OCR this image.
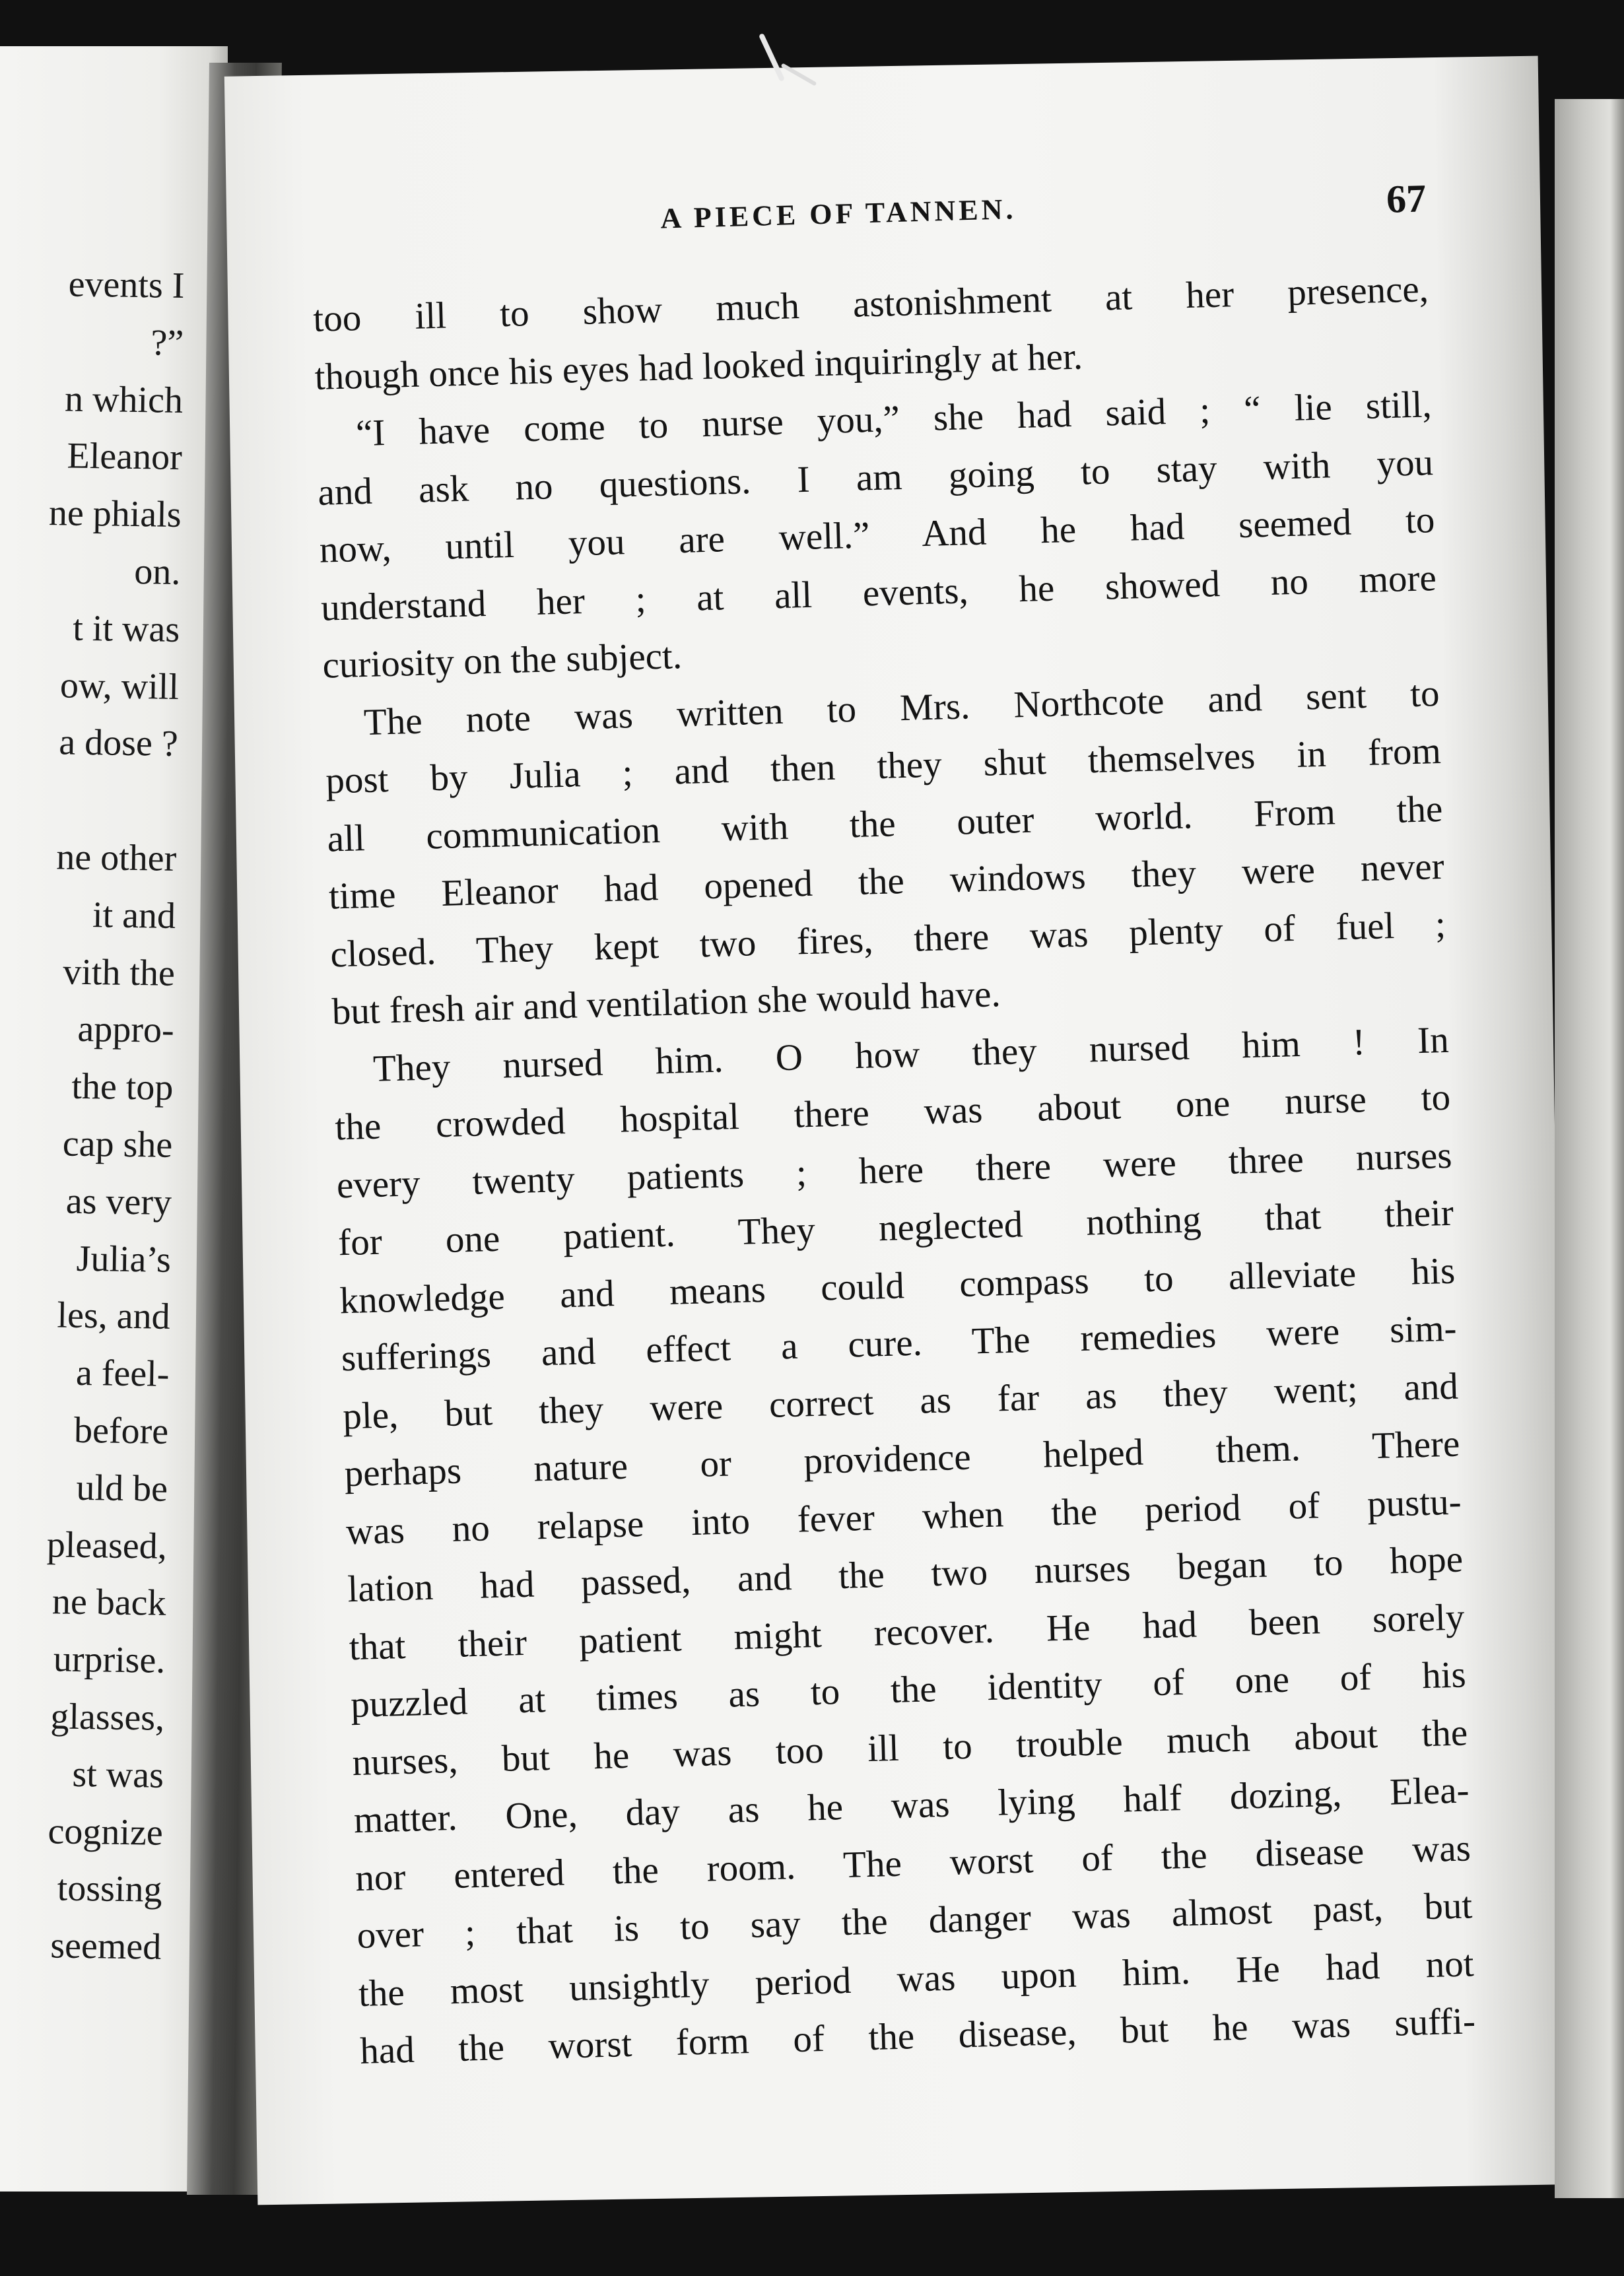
events I
?”
n which
Eleanor
ne phials
on.
t it was
ow, will
a dose ?

ne other
it and
vith the
appro-
the top
cap she
as very
Julia’s
les, and
a feel-
before
uld be
pleased,
ne back
urprise.
glasses,
st was
cognize
tossing
seemed
A PIECE OF TANNEN.	67
too ill to show much astonishment at her presence,
though once his eyes had looked inquiringly at her.
“I have come to nurse you,” she had said ; “ lie still,
and ask no questions. I am going to stay with you
now, until you are well.” And he had seemed to
understand her ; at all events, he showed no more
curiosity on the subject.
The note was written to Mrs. Northcote and sent to
post by Julia ; and then they shut themselves in from
all communication with the outer world. From the
time Eleanor had opened the windows they were never
closed. They kept two fires, there was plenty of fuel ;
but fresh air and ventilation she would have.
They nursed him. O how they nursed him ! In
the crowded hospital there was about one nurse to
every twenty patients ; here there were three nurses
for one patient. They neglected nothing that their
knowledge and means could compass to alleviate his
sufferings and effect a cure. The remedies were sim-
ple, but they were correct as far as they went; and
perhaps nature or providence helped them. There
was no relapse into fever when the period of pustu-
lation had passed, and the two nurses began to hope
that their patient might recover. He had been sorely
puzzled at times as to the identity of one of his
nurses, but he was too ill to trouble much about the
matter. One, day as he was lying half dozing, Elea-
nor entered the room. The worst of the disease was
over ; that is to say the danger was almost past, but
the most unsightly period was upon him. He had not
had the worst form of the disease, but he was suffi-
